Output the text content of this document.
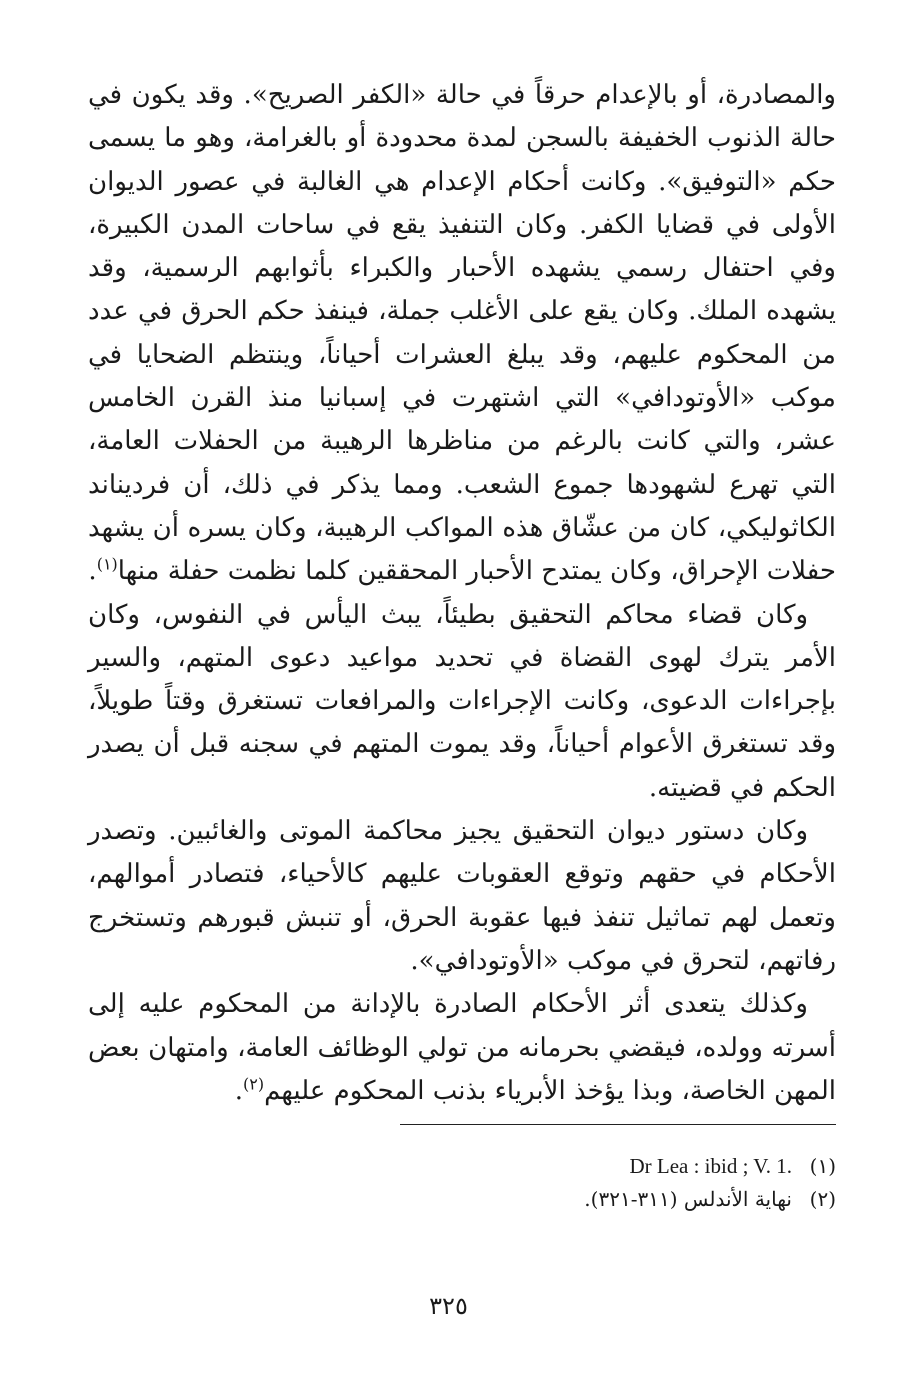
والمصادرة، أو بالإعدام حرقاً في حالة «الكفر الصريح». وقد يكون في حالة الذنوب الخفيفة بالسجن لمدة محدودة أو بالغرامة، وهو ما يسمى حكم «التوفيق». وكانت أحكام الإعدام هي الغالبة في عصور الديوان الأولى في قضايا الكفر. وكان التنفيذ يقع في ساحات المدن الكبيرة، وفي احتفال رسمي يشهده الأحبار والكبراء بأثوابهم الرسمية، وقد يشهده الملك. وكان يقع على الأغلب جملة، فينفذ حكم الحرق في عدد من المحكوم عليهم، وقد يبلغ العشرات أحياناً، وينتظم الضحايا في موكب «الأوتودافي» التي اشتهرت في إسبانيا منذ القرن الخامس عشر، والتي كانت بالرغم من مناظرها الرهيبة من الحفلات العامة، التي تهرع لشهودها جموع الشعب. ومما يذكر في ذلك، أن فرديناند الكاثوليكي، كان من عشّاق هذه المواكب الرهيبة، وكان يسره أن يشهد حفلات الإحراق، وكان يمتدح الأحبار المحققين كلما نظمت حفلة منها$^{(١)}$.

وكان قضاء محاكم التحقيق بطيئاً، يبث اليأس في النفوس، وكان الأمر يترك لهوى القضاة في تحديد مواعيد دعوى المتهم، والسير بإجراءات الدعوى، وكانت الإجراءات والمرافعات تستغرق وقتاً طويلاً، وقد تستغرق الأعوام أحياناً، وقد يموت المتهم في سجنه قبل أن يصدر الحكم في قضيته.

وكان دستور ديوان التحقيق يجيز محاكمة الموتى والغائبين. وتصدر الأحكام في حقهم وتوقع العقوبات عليهم كالأحياء، فتصادر أموالهم، وتعمل لهم تماثيل تنفذ فيها عقوبة الحرق، أو تنبش قبورهم وتستخرج رفاتهم، لتحرق في موكب «الأوتودافي».

وكذلك يتعدى أثر الأحكام الصادرة بالإدانة من المحكوم عليه إلى أسرته وولده، فيقضي بحرمانه من تولي الوظائف العامة، وامتهان بعض المهن الخاصة، وبذا يؤخذ الأبرياء بذنب المحكوم عليهم$^{(٢)}$.

(١)
Dr Lea : ibid ; V. 1.
(٢)
نهاية الأندلس (٣١١-٣٢١).
٣٢٥
